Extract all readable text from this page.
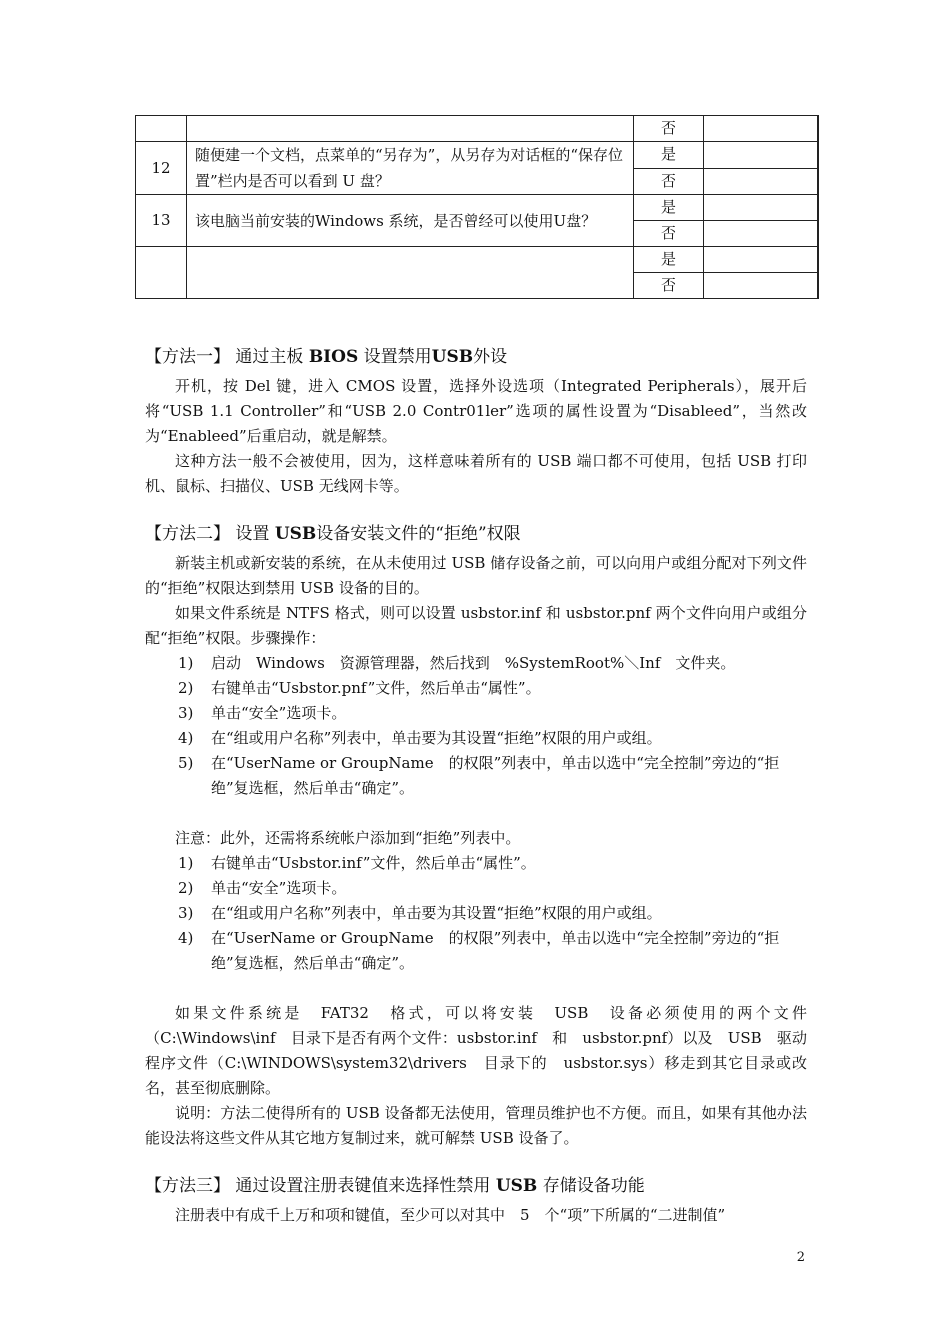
		否	
12	随便建一个文档，点菜单的“另存为”，从另存为对话框的“保存位置”栏内是否可以看到 U 盘？	是	
		否	
13	该电脑当前安装的Windows 系统，是否曾经可以使用U盘？	是	
		否	
		是	
		否	
【方法一】 通过主板 BIOS 设置禁用USB外设

开机，按 Del 键，进入 CMOS 设置，选择外设选项（Integrated Peripherals），展开后将“USB 1.1 Controller”和“USB 2.0 Contr01ler”选项的属性设置为“Disableed”，当然改为“Enableed”后重启动，就是解禁。

这种方法一般不会被使用，因为，这样意味着所有的 USB 端口都不可使用，包括 USB 打印机、鼠标、扫描仪、USB 无线网卡等。

【方法二】 设置 USB设备安装文件的“拒绝”权限

新装主机或新安装的系统，在从未使用过 USB 储存设备之前，可以向用户或组分配对下列文件的“拒绝”权限达到禁用 USB 设备的目的。

如果文件系统是 NTFS 格式，则可以设置 usbstor.inf 和 usbstor.pnf 两个文件向用户或组分配“拒绝”权限。步骤操作：

1) 启动　Windows　资源管理器，然后找到　%SystemRoot%＼Inf　文件夹。
2) 右键单击“Usbstor.pnf”文件，然后单击“属性”。
3) 单击“安全”选项卡。
4) 在“组或用户名称”列表中，单击要为其设置“拒绝”权限的用户或组。
5) 在“UserName or GroupName　的权限”列表中，单击以选中“完全控制”旁边的“拒绝”复选框，然后单击“确定”。

注意：此外，还需将系统帐户添加到“拒绝”列表中。

1) 右键单击“Usbstor.inf”文件，然后单击“属性”。
2) 单击“安全”选项卡。
3) 在“组或用户名称”列表中，单击要为其设置“拒绝”权限的用户或组。
4) 在“UserName or GroupName　的权限”列表中，单击以选中“完全控制”旁边的“拒绝”复选框，然后单击“确定”。

如果文件系统是　FAT32　格式，可以将安装　USB　设备必须使用的两个文件（C:\Windows\inf　目录下是否有两个文件：usbstor.inf　和　usbstor.pnf）以及　USB　驱动程序文件（C:\WINDOWS\system32\drivers　目录下的　usbstor.sys）移走到其它目录或改名，甚至彻底删除。

说明：方法二使得所有的 USB 设备都无法使用，管理员维护也不方便。而且，如果有其他办法能设法将这些文件从其它地方复制过来，就可解禁 USB 设备了。

【方法三】 通过设置注册表键值来选择性禁用 USB 存储设备功能

注册表中有成千上万和项和键值，至少可以对其中　5　个“项”下所属的“二进制值”

2
